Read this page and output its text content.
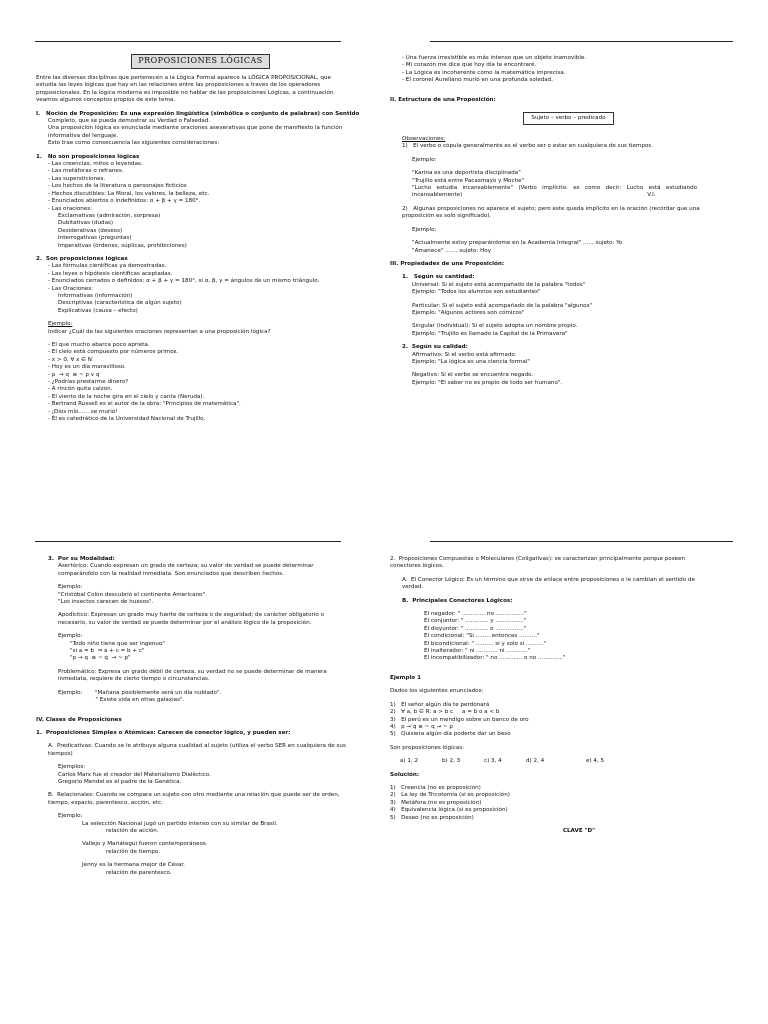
PROPOSICIONES LÓGICAS
Entre las diversas disciplinas que pertenecen a la Lógica Formal aparece la LÓGICA PROPOSICIONAL, que
estudia las leyes lógicas que hay en las relaciones entre las proposiciones a través de los operadores
proposicionales. En la lógica moderna es imposible no hablar de las proposiciones Lógicas, a continuación
veamos algunos conceptos propios de este tema.
I.   Noción de Proposición: Es una expresión lingüística (simbólica o conjunto de palabras) con Sentido
Completo, que se pueda demostrar su Verdad o Falsedad.
Una proposición lógica es enunciada mediante oraciones aseverativas que pone de manifiesto la función
informativa del lenguaje.
Esto trae como consecuencia las siguientes consideraciones:
1.   No son proposiciones lógicas
- Las creencias, mitos o leyendas.
- Las metáforas o refranes.
- Las supersticiones.
- Los hechos de la literatura o personajes ficticios
- Hechos discutibles: La Moral, los valores, la belleza, etc.
- Enunciados abiertos o indefinidos: α + β + γ = 180°.
- Las oraciones:
Exclamativas (admiración, sorpresa)
Dubitativas (dudas)
Desiderativas (deseos)
Interrogativas (preguntas)
Imperativas (órdenes, súplicas, prohibiciones)
2.  Son proposiciones lógicas
- Las fórmulas científicas ya demostradas.
- Las leyes o hipótesis científicas aceptadas.
- Enunciados cerrados o definidos: α + β + γ = 180°, si α, β, γ = ángulos de un mismo triángulo.
- Las Oraciones:
Informativas (información)
Descriptivas (característica de algún sujeto)
Explicativas (causa – efecto)
Ejemplo:
Indicar ¿Cuál de las siguientes oraciones representan a una proposición lógica?
- El que mucho abarca poco aprieta.
- El cielo está compuesto por números primos.
- x > 0, ∀ x ∈ N
- Hoy es un día maravilloso.
- p  → q  ≡ ~ p v q
- ¿Podrías prestarme dinero?
- A rincón quita calzón.
- El viento de la noche gira en el cielo y canta (Neruda).
- Bertrand Russell es el autor de la obra: "Principios de matemática".
- ¡Dios mío...... se murió!
- Él es catedrático de la Universidad Nacional de Trujillo.
- Una fuerza irresistible es más intenso que un objeto inamovible.
- Mi corazón me dice que hoy día te encontraré.
- La Lógica es incoherente como la matemática imprecisa.
- El coronel Aureliano murió en una profunda soledad.
II. Estructura de una Proposición:
Sujeto – verbo – predicado
Observaciones:
1)   El verbo o cópula generalmente es el verbo ser o estar en cualquiera de sus tiempos.
Ejemplo:
"Karina es una deportista disciplinada"
"Trujillo está entre Pacasmayo y Moche"
"Lucho   estudia   incansablemente"   (Verbo   implícito:   es   como   decir:   Lucho   está   estudiando
incansablemente)                                                                                                        V.I.
2)   Algunas proposiciones no aparece el sujeto; pero este queda implícito en la oración (recordar que una
proposición es solo significado).
Ejemplo:
"Actualmente estoy preparándome en la Academia Integral" ...... sujeto: Yo
"Amanece" ....... sujeto: Hoy
III. Propiedades de una Proposición:
1.   Según su cantidad:
Universal: Si el sujeto está acompañado de la palabra "todos"
Ejemplo: "Todos los alumnos son estudiantes"
Particular: Si el sujeto está acompañado de la palabra "algunos"
Ejemplo: "Algunos actores son cómicos"
Singular (individual): Si el sujeto adopta un nombre propio.
Ejemplo: "Trujillo es llamado la Capital de la Primavera"
2.  Según su calidad:
Afirmativo: Si el verbo está afirmado.
Ejemplo: "La lógica es una ciencia formal"
Negativo: Si el verbo se encuentra negado.
Ejemplo: "El saber no es propio de todo ser humano".
3.  Por su Modalidad:
Asertórico: Cuando expresan un grado de certeza; su valor de verdad se puede determinar
comparándolo con la realidad inmediata. Son enunciados que describen hechos.
Ejemplo:
"Cristóbal Colón descubrió el continente Americano".
"Los insectos carecen de huesos".
Apodíctico: Expresan un grado muy fuerte de certeza o de seguridad; de carácter obligatorio o
necesario, su valor de verdad se puede determinar por el análisis lógico de la proposición.
Ejemplo:
"Todo niño tiene que ser ingenuo"
"si a = b  ⇒ a + c = b + c"
"p → q  ≡ ~ q  → ~ p"
Problemático: Expresa un grado débil de certeza, su verdad no se puede determinar de manera
inmediata, requiere de cierto tiempo o circunstancias.
Ejemplo:       "Mañana posiblemente será un día nublado".
" Existe vida en otras galaxias".
IV. Clases de Proposiciones
1.  Proposiciones Simples o Atómicas: Carecen de conector lógico, y pueden ser:
A.  Predicativas: Cuando se le atribuye alguna cualidad al sujeto (utiliza el verbo SER en cualquiera de sus
tiempos)
Ejemplos:
Carlos Marx fue el creador del Materialismo Dialéctico.
Gregorio Mendel es el padre de la Genética.
B.  Relacionales: Cuando se compara un sujeto con otro mediante una relación que puede ser de orden,
tiempo, espacio, parentesco, acción, etc.
Ejemplo:
La selección Nacional jugó un partido intenso con su similar de Brasil.
relación de acción.
Vallejo y Mariátegui fueron contemporáneos.
relación de tiempo.
Jenny es la hermana mejor de César.
relación de parentesco.
2.  Proposiciones Compuestas o Moleculares (Coligativas): se caracterizan principalmente porque poseen
conectores lógicos.
A.  El Conector Lógico: Es un término que sirve de enlace entre proposiciones o le cambian el sentido de
verdad.
B.  Principales Conectores Lógicos:
El negador: " ............. no ................"
El conjuntor: " ............. y ................"
El disyuntor: " ............. o ................"
El condicional: "Si ........ entonces .........."
El bicondicional: " .......... si y solo si .........."
El inalterador: " ni ............ ni ............"
El incompatibilizador: " no ............. o no .............."
Ejemplo 1
Dados los siguientes enunciados:
1)   El señor algún día te perdonará
2)   ∀ a, b ∈ R: a > b c     a = b o a < b
3)   El perú es un mendigo sobre un banco de oro
4)   p → q ≡ ~ q → ~ p
5)   Quisiera algún día poderte dar un beso
Son proposiciones lógicas:
a) 1, 2	b) 2, 3	c) 3, 4	d) 2, 4	e) 4, 5
Solución:
1)   Creencia (no es proposición)
2)   La ley de Tricotomía (si es proposición)
3)   Metáfora (no es proposición)
4)   Equivalencia lógica (si es proposición)
5)   Deseo (no es proposición)
CLAVE "D"
